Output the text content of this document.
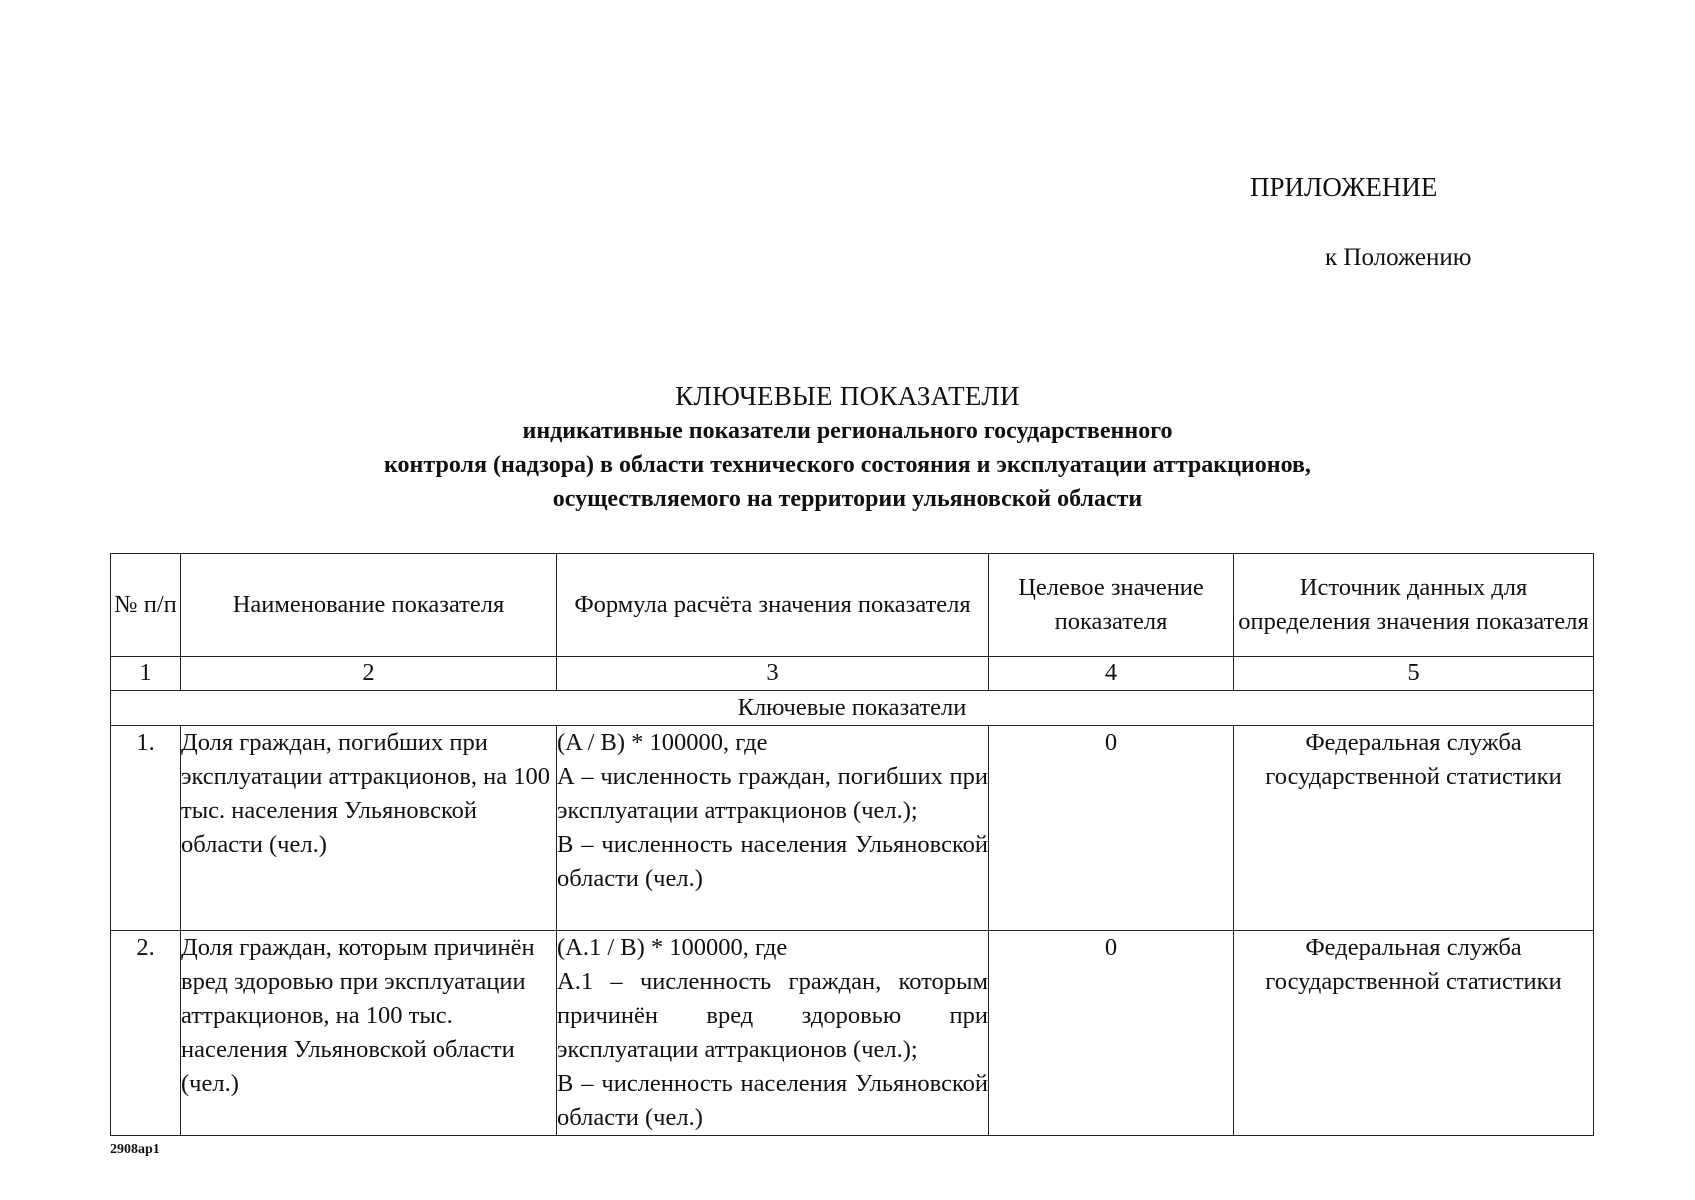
ПРИЛОЖЕНИЕ
к Положению
КЛЮЧЕВЫЕ ПОКАЗАТЕЛИ
индикативные показатели регионального государственного
контроля (надзора) в области технического состояния и эксплуатации аттракционов,
осуществляемого на территории ульяновской области
№ п/п	Наименование показателя	Формула расчёта значения показателя	Целевое значение показателя	Источник данных для определения значения показателя
1	2	3	4	5
Ключевые показатели				
1.	Доля граждан, погибших при эксплуатации аттракционов, на 100 тыс. населения Ульяновской области (чел.)	(A / B) * 100000, где
А – численность граждан, погибших при эксплуатации аттракционов (чел.);
В – численность населения Ульяновской области (чел.)	0	Федеральная служба государственной статистики
2.	Доля граждан, которым причинён вред здоровью при эксплуатации аттракционов, на 100 тыс. населения Ульяновской области (чел.)	(A.1 / B) * 100000, где
А.1 – численность граждан, которым причинён вред здоровью при эксплуатации аттракционов (чел.);
В – численность населения Ульяновской области (чел.)	0	Федеральная служба государственной статистики
2908ap1
